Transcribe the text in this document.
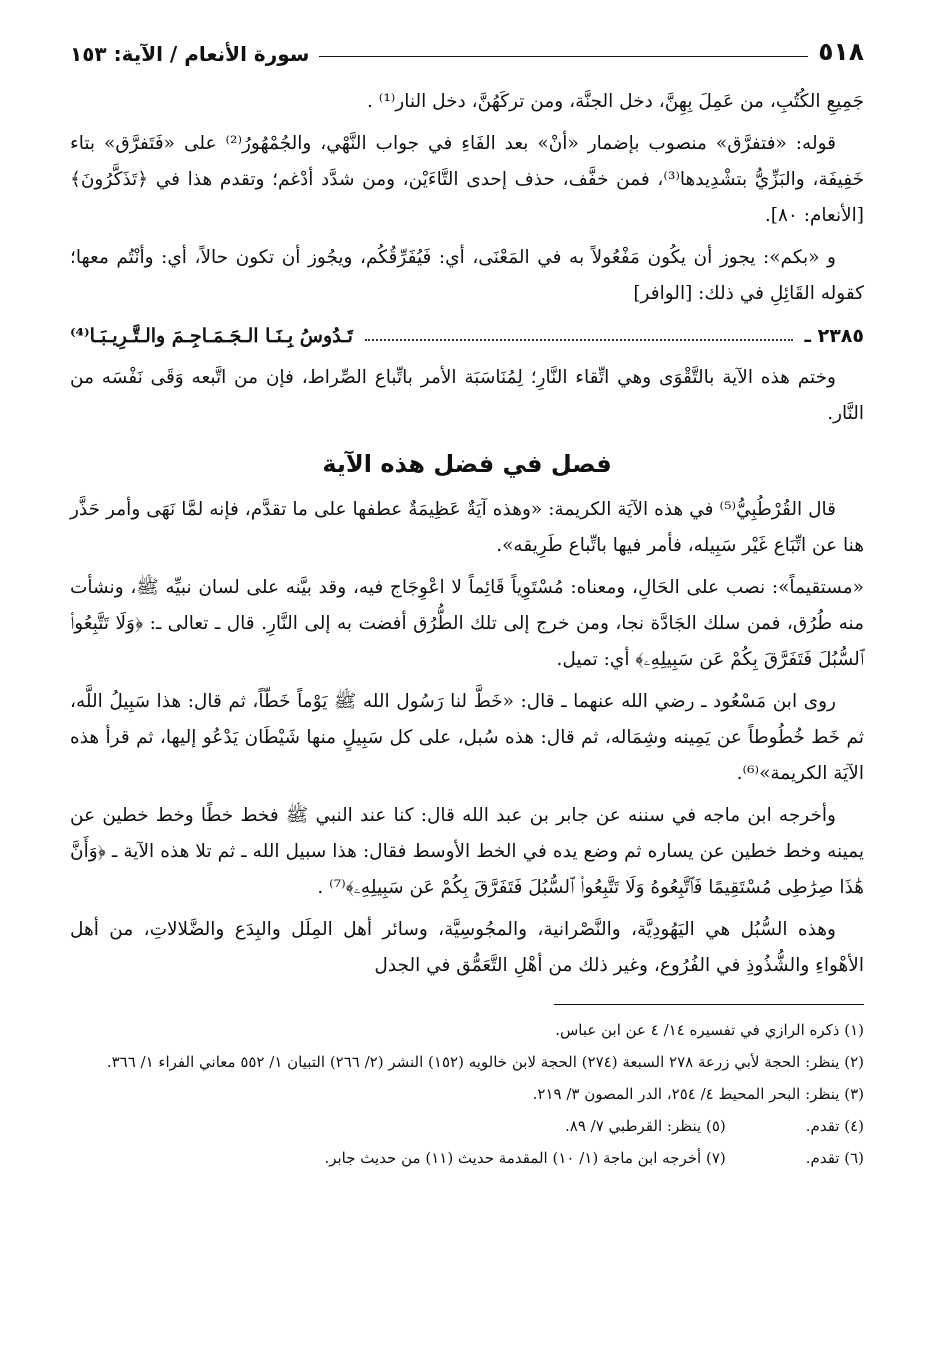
٥١٨
سورة الأنعام / الآية: ١٥٣

جَمِيعِ الكُتُبِ، من عَمِلَ بِهِنَّ، دخل الجنَّة، ومن تركَهُنَّ، دخل النار⁽¹⁾ .

قوله: «فتفرَّق» منصوب بإضمار «أنْ» بعد الفَاءِ في جواب النَّهْي، والجُمْهُورُ⁽²⁾ على «فَتَفرَّق» بتاء خَفِيفَة، والبَزِّيُّ بتشْدِيدها⁽³⁾، فمن خفَّف، حذف إحدى التَّاءَيْن، ومن شدَّد أدْغم؛ وتقدم هذا في ﴿تَذَكَّرُونَ﴾ [الأنعام: ٨٠].

و «بكم»: يجوز أن يكُون مَفْعُولاً به في المَعْنَى، أي: فَيُفَرِّقُكُم، ويجُوز أن تكون حالاً، أي: وأنْتُم معها؛ كقوله القَائِلِ في ذلك: [الوافر]

٢٣٨٥ ـ
تَـدُوسُ بِـنَـا الـجَـمَـاجِـمَ والـتَّـرِيـبَـا⁽⁴⁾

وختم هذه الآية بالتَّقْوَى وهي اتِّقاء النَّارِ؛ لِمُنَاسَبَة الأمر باتِّباع الصِّراط، فإن من اتَّبعه وَقَى نَفْسَه من النَّار.

فصل في فضل هذه الآية

قال القُرْطُبِيُّ⁽⁵⁾ في هذه الآيَة الكريمة: «وهذه آيَةٌ عَظِيمَةٌ عطفها على ما تقدَّم، فإنه لمَّا نَهَى وأمر حَذَّر هنا عن اتِّبَاع غَيْر سَبِيله، فأمر فيها باتِّباع طَرِيقه».

«مستقيماً»: نصب على الحَالِ، ومعناه: مُسْتَوِياً قَائِماً لا اعْوِجَاج فيه، وقد بيَّنه على لسان نبيِّه ﷺ، ونشأت منه طُرُق، فمن سلك الجَادَّة نجا، ومن خرج إلى تلك الطُّرُق أفضت به إلى النَّارِ. قال ـ تعالى ـ: ﴿وَلَا تَتَّبِعُوا۟ ٱلسُّبُلَ فَتَفَرَّقَ بِكُمْ عَن سَبِيلِهِۦ﴾ أي: تميل.

روى ابن مَسْعُود ـ رضي الله عنهما ـ قال: «خَطَّ لنا رَسُول الله ﷺ يَوْماً خَطّاً، ثم قال: هذا سَبِيلُ اللَّه، ثم خَط خُطُوطاً عن يَمِينه وشِمَاله، ثم قال: هذه سُبل، على كل سَبِيلٍ منها شَيْطَان يَدْعُو إليها، ثم قرأ هذه الآيَة الكريمة»⁽⁶⁾.

وأخرجه ابن ماجه في سننه عن جابر بن عبد الله قال: كنا عند النبي ﷺ فخط خطًا وخط خطين عن يمينه وخط خطين عن يساره ثم وضع يده في الخط الأوسط فقال: هذا سبيل الله ـ ثم تلا هذه الآية ـ ﴿وَأَنَّ هَٰذَا صِرَٰطِى مُسْتَقِيمًا فَٱتَّبِعُوهُ وَلَا تَتَّبِعُوا۟ ٱلسُّبُلَ فَتَفَرَّقَ بِكُمْ عَن سَبِيلِهِۦ﴾⁽⁷⁾ .

وهذه السُّبُل هي اليَهُودِيَّة، والنَّصْرانية، والمجُوسِيَّة، وسائر أهل المِلَل والبِدَع والضَّلالاتِ، من أهل الأهْواءِ والشُّذُوذِ في الفُرُوع، وغير ذلك من أهْلِ التَّعَمُّق في الجدل

(١) ذكره الرازي في تفسيره ١٤/ ٤ عن ابن عباس.

(٢) ينظر: الحجة لأبي زرعة ٢٧٨ السبعة (٢٧٤) الحجة لابن خالويه (١٥٢) النشر (٢/ ٢٦٦) التبيان ١/ ٥٥٢ معاني الفراء ١/ ٣٦٦.

(٣) ينظر: البحر المحيط ٤/ ٢٥٤، الدر المصون ٣/ ٢١٩.

(٤) تقدم.

(٥) ينظر: القرطبي ٧/ ٨٩.

(٦) تقدم.

(٧) أخرجه ابن ماجة (١/ ١٠) المقدمة حديث (١١) من حديث جابر.
